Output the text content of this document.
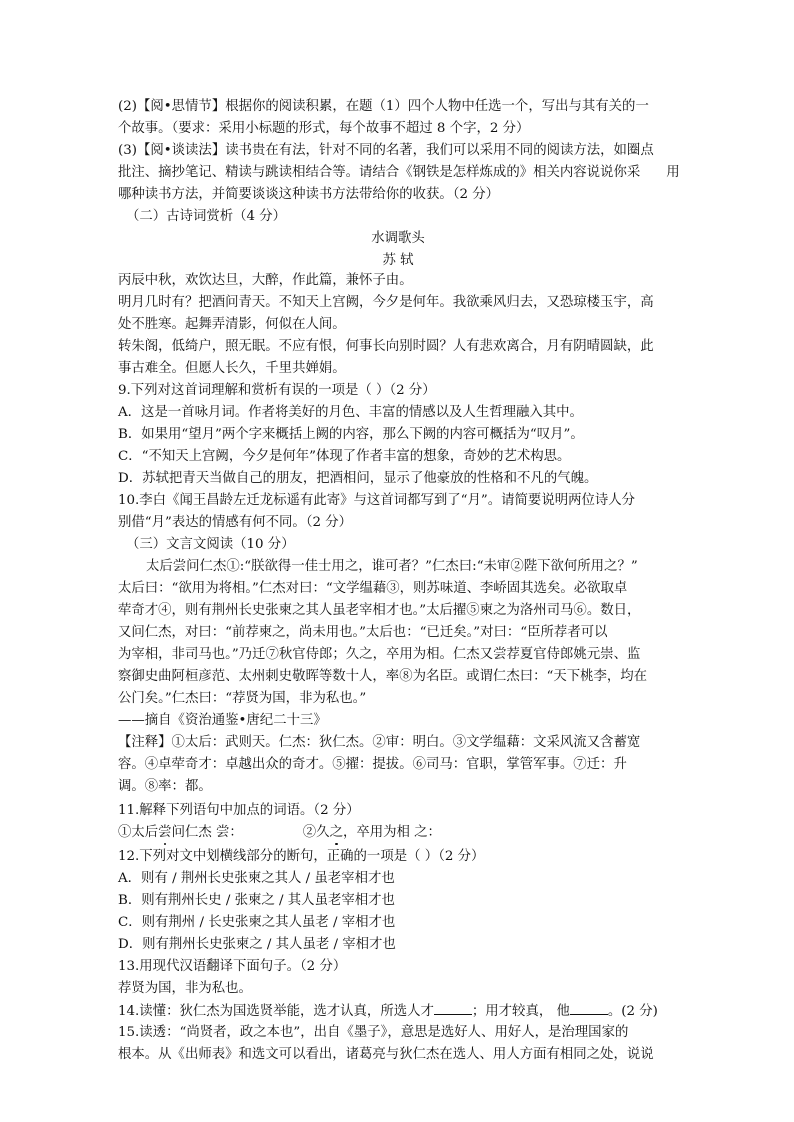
(2)【阅•思情节】根据你的阅读积累，在题（1）四个人物中任选一个，写出与其有关的一
个故事。（要求：采用小标题的形式，每个故事不超过 8 个字，2 分）
(3)【阅•谈读法】读书贵在有法，针对不同的名著，我们可以采用不同的阅读方法，如圈点
批注、摘抄笔记、精读与跳读相结合等。请结合《钢铁是怎样炼成的》相关内容说说你采 用
哪种读书方法，并简要谈谈这种读书方法带给你的收获。（2 分）
（二）古诗词赏析（4 分）
水调歌头
苏 轼
丙辰中秋，欢饮达旦，大醉，作此篇，兼怀子由。
明月几时有？把酒问青天。不知天上宫阙，今夕是何年。我欲乘风归去，又恐琼楼玉宇，高
处不胜寒。起舞弄清影，何似在人间。
转朱阁，低绮户，照无眠。不应有恨，何事长向别时圆？人有悲欢离合，月有阴晴圆缺，此
事古难全。但愿人长久，千里共婵娟。
9.下列对这首词理解和赏析有误的一项是（ ）（2 分）
A．这是一首咏月词。作者将美好的月色、丰富的情感以及人生哲理融入其中。
B．如果用“望月”两个字来概括上阙的内容，那么下阙的内容可概括为“叹月”。
C．“不知天上宫阙，今夕是何年”体现了作者丰富的想象，奇妙的艺术构思。
D．苏轼把青天当做自己的朋友，把酒相问，显示了他豪放的性格和不凡的气魄。
10.李白《闻王昌龄左迁龙标遥有此寄》与这首词都写到了“月”。请简要说明两位诗人分
别借“月”表达的情感有何不同。（2 分）
（三）文言文阅读（10 分）
太后尝问仁杰①:“朕欲得一佳士用之，谁可者？”仁杰曰:“未审②陛下欲何所用之？”
太后曰：“欲用为将相。”仁杰对曰：“文学缊藉③，则苏味道、李峤固其选矣。必欲取卓
荦奇才④，则有荆州长史张柬之其人虽老宰相才也。”太后擢⑤柬之为洛州司马⑥。数日，
又问仁杰，对曰：“前荐柬之，尚未用也。”太后也：“已迁矣。”对曰：“臣所荐者可以
为宰相，非司马也。”乃迁⑦秋官侍郎；久之，卒用为相。仁杰又尝荐夏官侍郎姚元崇、监
察御史曲阿桓彦范、太州刺史敬晖等数十人，率⑧为名臣。或谓仁杰曰：“天下桃李，均在
公门矣。”仁杰曰：“荐贤为国，非为私也。”
——摘自《资治通鉴•唐纪二十三》
【注释】①太后：武则天。仁杰：狄仁杰。②审：明白。③文学缊藉：文采风流又含蓄宽
容。④卓荦奇才：卓越出众的奇才。⑤擢：提拔。⑥司马：官职，掌管军事。⑦迁：升
调。⑧率：都。
11.解释下列语句中加点的词语。（2 分）
①太后尝问仁杰 尝：	②久之，卒用为相 之：
12.下列对文中划横线部分的断句，正确的一项是（ ）（2 分）
A．则有 / 荆州长史张柬之其人 / 虽老宰相才也
B．则有荆州长史 / 张柬之 / 其人虽老宰相才也
C．则有荆州 / 长史张柬之其人虽老 / 宰相才也
D．则有荆州长史张柬之 / 其人虽老 / 宰相才也
13.用现代汉语翻译下面句子。（2 分）
荐贤为国，非为私也。
14.读懂：狄仁杰为国选贤举能，选才认真，所选人才	；用才较真， 他	。(2 分)
15.读透：“尚贤者，政之本也”，出自《墨子》，意思是选好人、用好人，是治理国家的
根本。从《出师表》和选文可以看出，诸葛亮与狄仁杰在选人、用人方面有相同之处，说说
